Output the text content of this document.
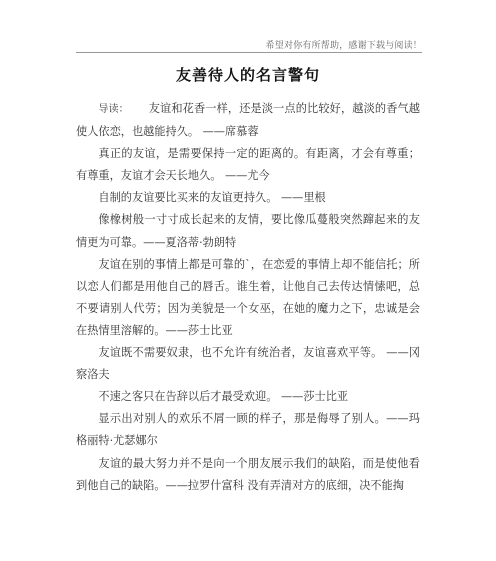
希望对你有所帮助，感谢下载与阅读！
友善待人的名言警句

导读： 友谊和花香一样，还是淡一点的比较好，越淡的香气越使人依恋，也越能持久。 ——席慕蓉

真正的友谊，是需要保持一定的距离的。有距离，才会有尊重；有尊重，友谊才会天长地久。 ——尤今

自制的友谊要比买来的友谊更持久。 ——里根

像橡树般一寸寸成长起来的友情，要比像瓜蔓般突然蹿起来的友情更为可靠。——夏洛蒂·勃朗特

友谊在别的事情上都是可靠的`，在恋爱的事情上却不能信托；所以恋人们都是用他自己的唇舌。谁生着，让他自己去传达情愫吧，总不要请别人代劳；因为美貌是一个女巫，在她的魔力之下，忠诚是会在热情里溶解的。——莎士比亚

友谊既不需要奴隶，也不允许有统治者，友谊喜欢平等。 ——冈察洛夫

不速之客只在告辞以后才最受欢迎。 ——莎士比亚

显示出对别人的欢乐不屑一顾的样子，那是侮辱了别人。——玛格丽特·尤瑟娜尔

友谊的最大努力并不是向一个朋友展示我们的缺陷，而是使他看到他自己的缺陷。——拉罗什富科 没有弄清对方的底细，决不能掏
